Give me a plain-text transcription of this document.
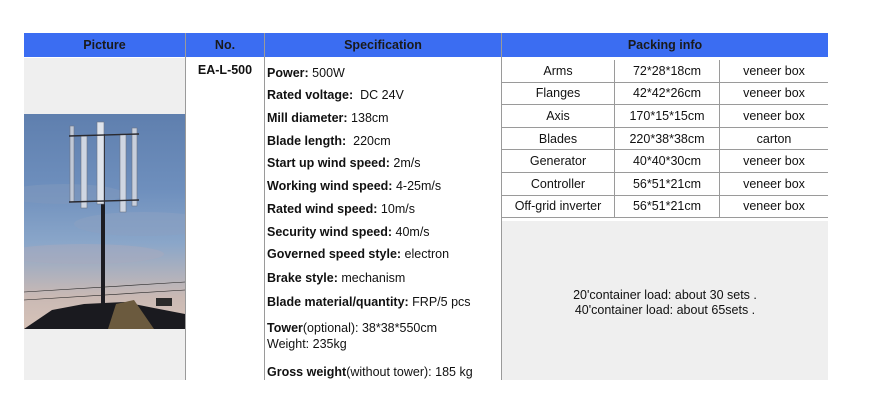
Picture	No.	Specification	Packing info
EA-L-500	Power: 500W
Rated voltage:  DC 24V
Mill diameter: 138cm
Blade length:  220cm
Start up wind speed: 2m/s
Working wind speed: 4-25m/s
Rated wind speed: 10m/s
Security wind speed: 40m/s
Governed speed style: electron
Brake style: mechanism
Blade material/quantity: FRP/5 pcs
Tower(optional): 38*38*550cm
Weight: 235kg
Gross weight(without tower): 185 kg
Arms	72*28*18cm	veneer box
Flanges	42*42*26cm	veneer box
Axis	170*15*15cm	veneer box
Blades	220*38*38cm	carton
Generator	40*40*30cm	veneer box
Controller	56*51*21cm	veneer box
Off-grid inverter	56*51*21cm	veneer box
20'container load: about 30 sets .
40'container load: about 65sets .
